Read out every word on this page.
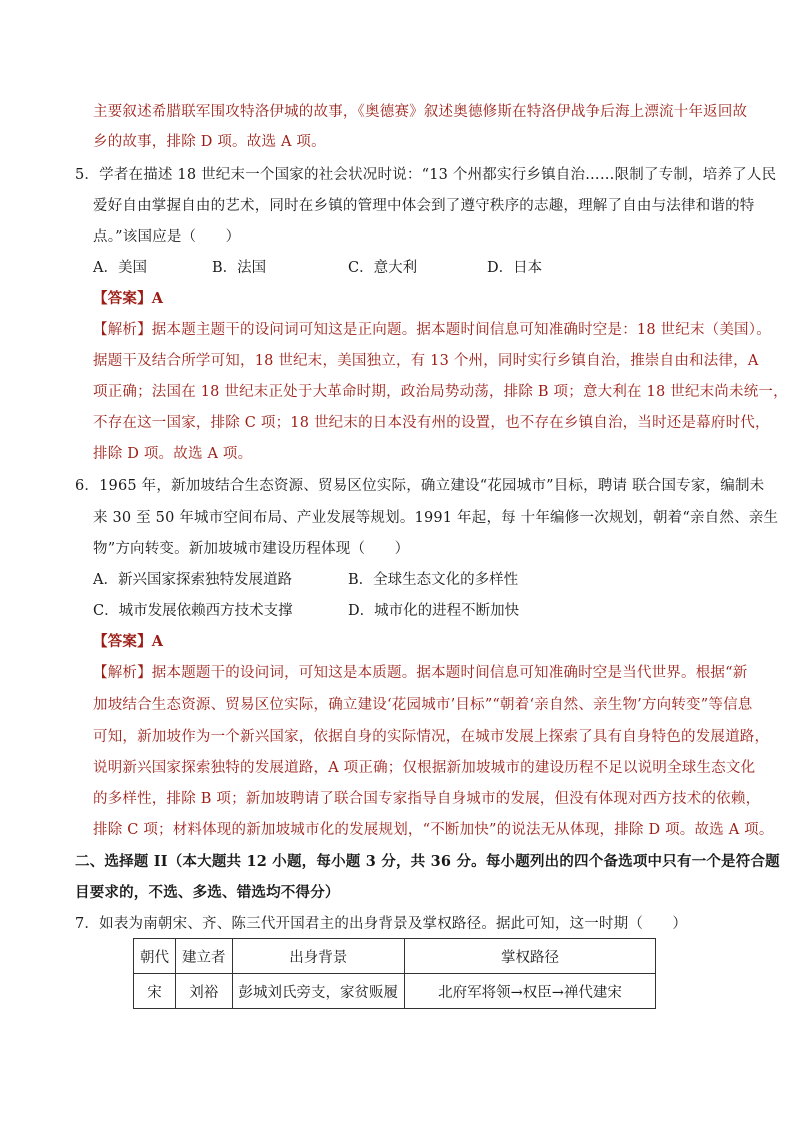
主要叙述希腊联军围攻特洛伊城的故事，《奥德赛》叙述奥德修斯在特洛伊战争后海上漂流十年返回故
乡的故事，排除 D 项。故选 A 项。
5．学者在描述 18 世纪末一个国家的社会状况时说：“13 个州都实行乡镇自治……限制了专制，培养了人民
爱好自由掌握自由的艺术，同时在乡镇的管理中体会到了遵守秩序的志趣，理解了自由与法律和谐的特
点。”该国应是（　　）
A．美国	B．法国	C．意大利	D．日本
【答案】A
【解析】据本题主题干的设问词可知这是正向题。据本题时间信息可知准确时空是：18 世纪末（美国）。
据题干及结合所学可知，18 世纪末，美国独立，有 13 个州，同时实行乡镇自治，推崇自由和法律，A
项正确；法国在 18 世纪末正处于大革命时期，政治局势动荡，排除 B 项；意大利在 18 世纪末尚未统一，
不存在这一国家，排除 C 项；18 世纪末的日本没有州的设置，也不存在乡镇自治，当时还是幕府时代，
排除 D 项。故选 A 项。
6．1965 年，新加坡结合生态资源、贸易区位实际，确立建设“花园城市”目标，聘请 联合国专家，编制未
来 30 至 50 年城市空间布局、产业发展等规划。1991 年起，每 十年编修一次规划，朝着“亲自然、亲生
物”方向转变。新加坡城市建设历程体现（　　）
A．新兴国家探索独特发展道路	B．全球生态文化的多样性
C．城市发展依赖西方技术支撑	D．城市化的进程不断加快
【答案】A
【解析】据本题题干的设问词，可知这是本质题。据本题时间信息可知准确时空是当代世界。根据“新
加坡结合生态资源、贸易区位实际，确立建设‘花园城市’目标”“朝着‘亲自然、亲生物’方向转变”等信息
可知，新加坡作为一个新兴国家，依据自身的实际情况，在城市发展上探索了具有自身特色的发展道路，
说明新兴国家探索独特的发展道路，A 项正确；仅根据新加坡城市的建设历程不足以说明全球生态文化
的多样性，排除 B 项；新加坡聘请了联合国专家指导自身城市的发展，但没有体现对西方技术的依赖，
排除 C 项；材料体现的新加坡城市化的发展规划，“不断加快”的说法无从体现，排除 D 项。故选 A 项。
二、选择题 II（本大题共 12 小题，每小题 3 分，共 36 分。每小题列出的四个备选项中只有一个是符合题
目要求的，不选、多选、错选均不得分）
7．如表为南朝宋、齐、陈三代开国君主的出身背景及掌权路径。据此可知，这一时期（　　）
朝代	建立者	出身背景	掌权路径
宋	刘裕	彭城刘氏旁支，家贫贩履	北府军将领→权臣→禅代建宋
